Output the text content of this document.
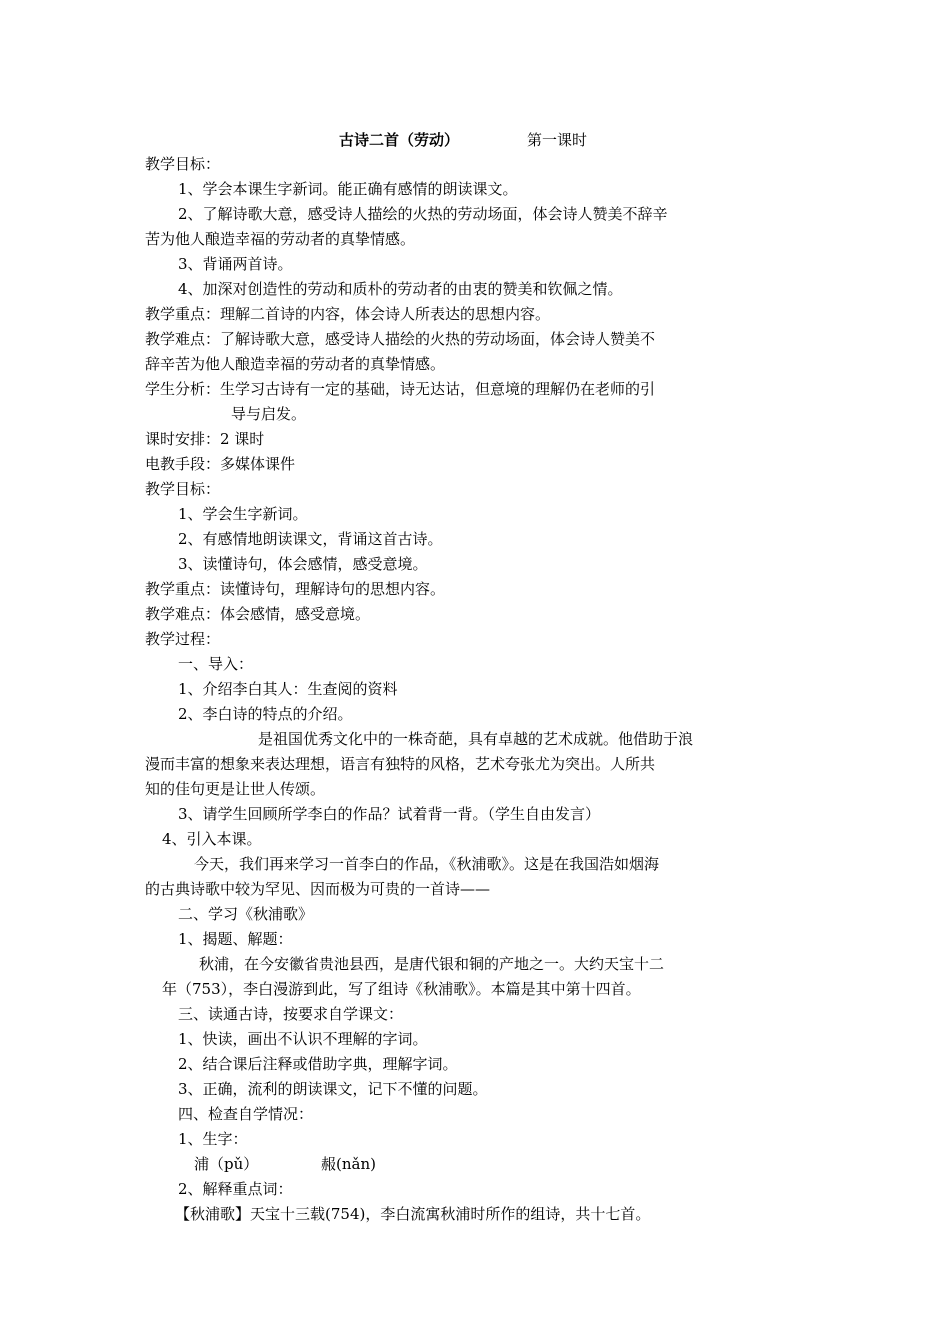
古诗二首（劳动）	第一课时
教学目标：
1、学会本课生字新词。能正确有感情的朗读课文。
2、了解诗歌大意，感受诗人描绘的火热的劳动场面，体会诗人赞美不辞辛
苦为他人酿造幸福的劳动者的真挚情感。
3、背诵两首诗。
4、加深对创造性的劳动和质朴的劳动者的由衷的赞美和钦佩之情。
教学重点：理解二首诗的内容，体会诗人所表达的思想内容。
教学难点：了解诗歌大意，感受诗人描绘的火热的劳动场面，体会诗人赞美不
辞辛苦为他人酿造幸福的劳动者的真挚情感。
学生分析：生学习古诗有一定的基础，诗无达诂，但意境的理解仍在老师的引
导与启发。
课时安排：2 课时
电教手段：多媒体课件
教学目标：
1、学会生字新词。
2、有感情地朗读课文，背诵这首古诗。
3、读懂诗句，体会感情，感受意境。
教学重点：读懂诗句，理解诗句的思想内容。
教学难点：体会感情，感受意境。
教学过程：
一、导入：
1、介绍李白其人：生查阅的资料
2、李白诗的特点的介绍。
是祖国优秀文化中的一株奇葩，具有卓越的艺术成就。他借助于浪
漫而丰富的想象来表达理想，语言有独特的风格，艺术夸张尤为突出。人所共
知的佳句更是让世人传颂。
3、请学生回顾所学李白的作品？试着背一背。（学生自由发言）
4、引入本课。
今天，我们再来学习一首李白的作品，《秋浦歌》。这是在我国浩如烟海
的古典诗歌中较为罕见、因而极为可贵的一首诗——
二、学习《秋浦歌》
1、揭题、解题：
秋浦，在今安徽省贵池县西，是唐代银和铜的产地之一。大约天宝十二
年（753），李白漫游到此，写了组诗《秋浦歌》。本篇是其中第十四首。
三、读通古诗，按要求自学课文：
1、快读，画出不认识不理解的字词。
2、结合课后注释或借助字典，理解字词。
3、正确，流利的朗读课文，记下不懂的问题。
四、检查自学情况：
1、生字：
浦（pǔ）	赧(nǎn)
2、解释重点词：
【秋浦歌】天宝十三载(754)，李白流寓秋浦时所作的组诗，共十七首。
